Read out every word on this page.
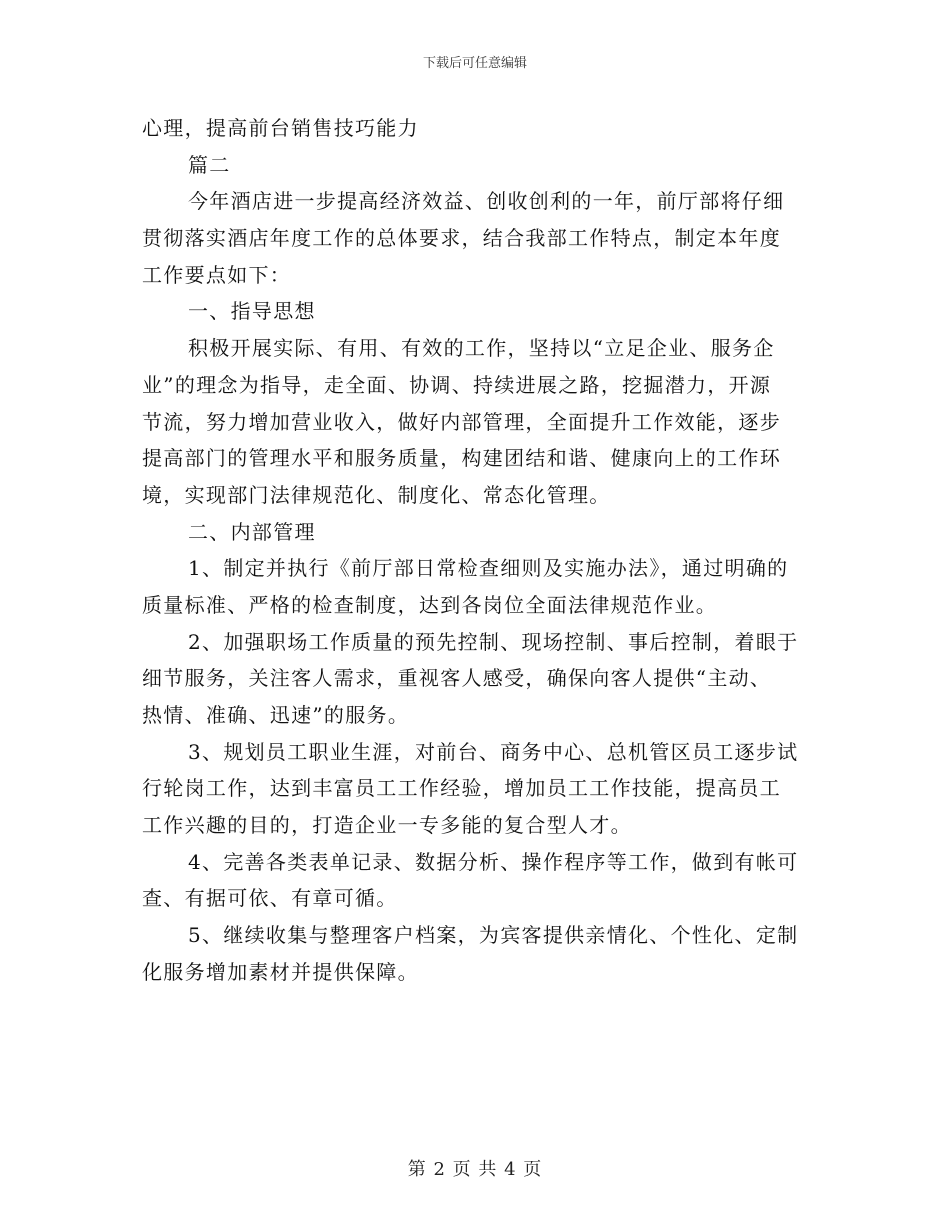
下载后可任意编辑
心理，提高前台销售技巧能力
篇二
今年酒店进一步提高经济效益、创收创利的一年，前厅部将仔细
贯彻落实酒店年度工作的总体要求，结合我部工作特点，制定本年度
工作要点如下：
一、指导思想
积极开展实际、有用、有效的工作，坚持以“立足企业、服务企
业”的理念为指导，走全面、协调、持续进展之路，挖掘潜力，开源
节流，努力增加营业收入，做好内部管理，全面提升工作效能，逐步
提高部门的管理水平和服务质量，构建团结和谐、健康向上的工作环
境，实现部门法律规范化、制度化、常态化管理。
二、内部管理
1、制定并执行《前厅部日常检查细则及实施办法》，通过明确的
质量标准、严格的检查制度，达到各岗位全面法律规范作业。
2、加强职场工作质量的预先控制、现场控制、事后控制，着眼于
细节服务，关注客人需求，重视客人感受，确保向客人提供“主动、
热情、准确、迅速”的服务。
3、规划员工职业生涯，对前台、商务中心、总机管区员工逐步试
行轮岗工作，达到丰富员工工作经验，增加员工工作技能，提高员工
工作兴趣的目的，打造企业一专多能的复合型人才。
4、完善各类表单记录、数据分析、操作程序等工作，做到有帐可
查、有据可依、有章可循。
5、继续收集与整理客户档案，为宾客提供亲情化、个性化、定制
化服务增加素材并提供保障。
第 2 页 共 4 页
